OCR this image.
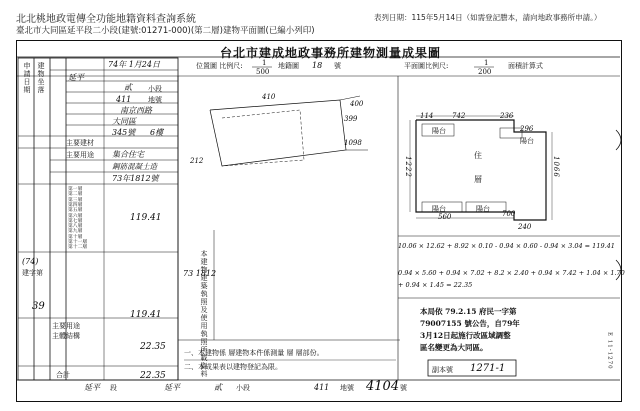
北北桃地政電傳全功能地籍資料查詢系統
臺北市大同區延平段二小段(建號:01271-000)(第二層)建物平面圖(已編小列印)
表列日期：115年5月14日（如需登記謄本，請向地政事務所申請。）
台北市建成地政事務所建物測量成果圖
位置圖 比例尺:	1
500
地籍圖 18 號	平面圖比例尺:	1
200
面積計算式
申請日期 建物坐落	74年 1月24日
延平
貳 小段
411 地號
南京西路
大同區
345號 6樓
主要建材
主要用途 集合住宅
鋼筋混凝土造
73年1812號
第一層
第二層
第三層
第四層
第五層
第六層
第七層
第八層
第九層
第十層
第十一層
第十二層
119.41
(74)
建字第
39
119.41
22.35
合計	22.35
主要用途
主體結構	本建物建築執照及使用執照所載資料
73 1812
一、本建物係 層建物本件係測量 層 層部份。
二、本成果表以建物登記為限。
410
400
399
1098
212
114	742	236
296
1222	1066
560	700
240
陽台
陽台
陽台	陽台
住
層
10.06 × 12.62 + 8.92 × 0.10 - 0.94 × 0.60 - 0.94 × 3.04 = 119.41
0.94 × 5.60 + 0.94 × 7.02 + 8.2 × 2.40 + 0.94 × 7.42 + 1.04 × 1.70
+ 0.94 × 1.45 = 22.35
本局依 79.2.15 府民一字第
79007155 號公告，自79年
3月12日起施行改區域調整
區名變更為大同區。
副本號 1271-1	E 11-1270
延平 段	延平	貳 小段	411 地號 4104 號
